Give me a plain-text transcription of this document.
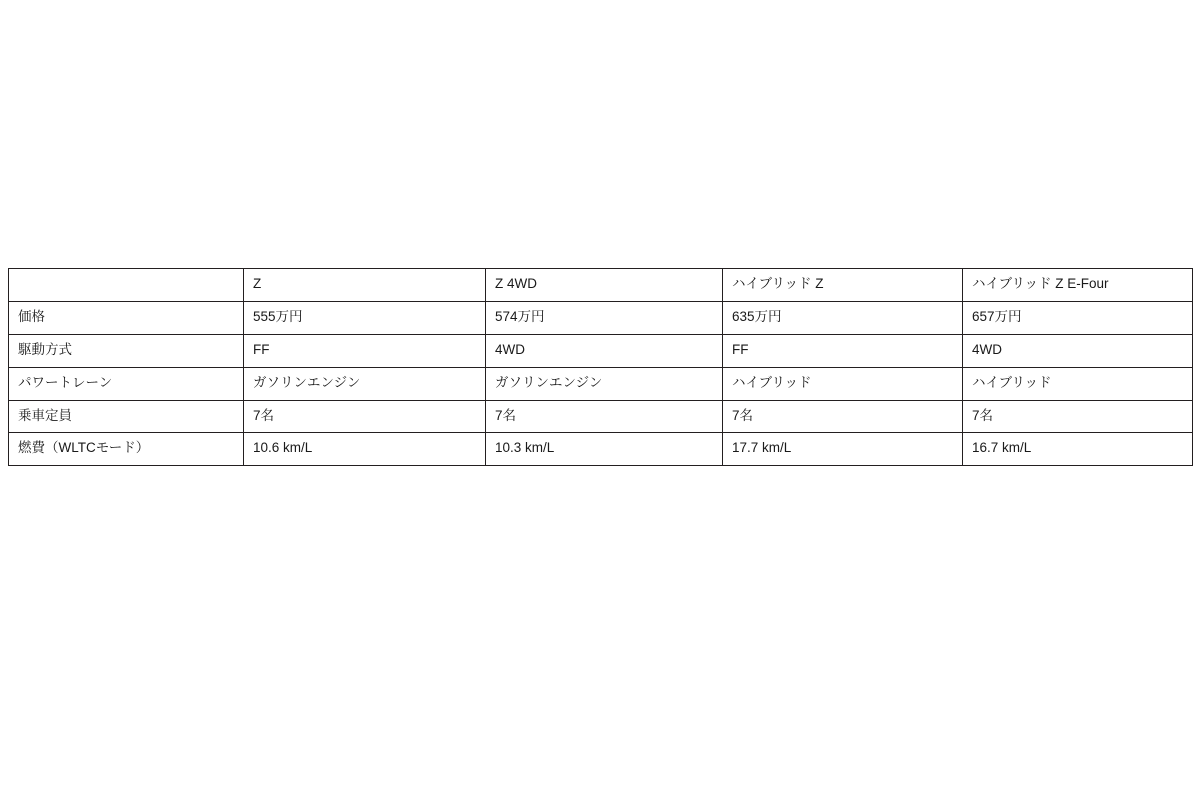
	Z	Z 4WD	ハイブリッド Z	ハイブリッド Z E-Four
価格	555万円	574万円	635万円	657万円
駆動方式	FF	4WD	FF	4WD
パワートレーン	ガソリンエンジン	ガソリンエンジン	ハイブリッド	ハイブリッド
乗車定員	7名	7名	7名	7名
燃費（WLTCモード）	10.6 km/L	10.3 km/L	17.7 km/L	16.7 km/L
